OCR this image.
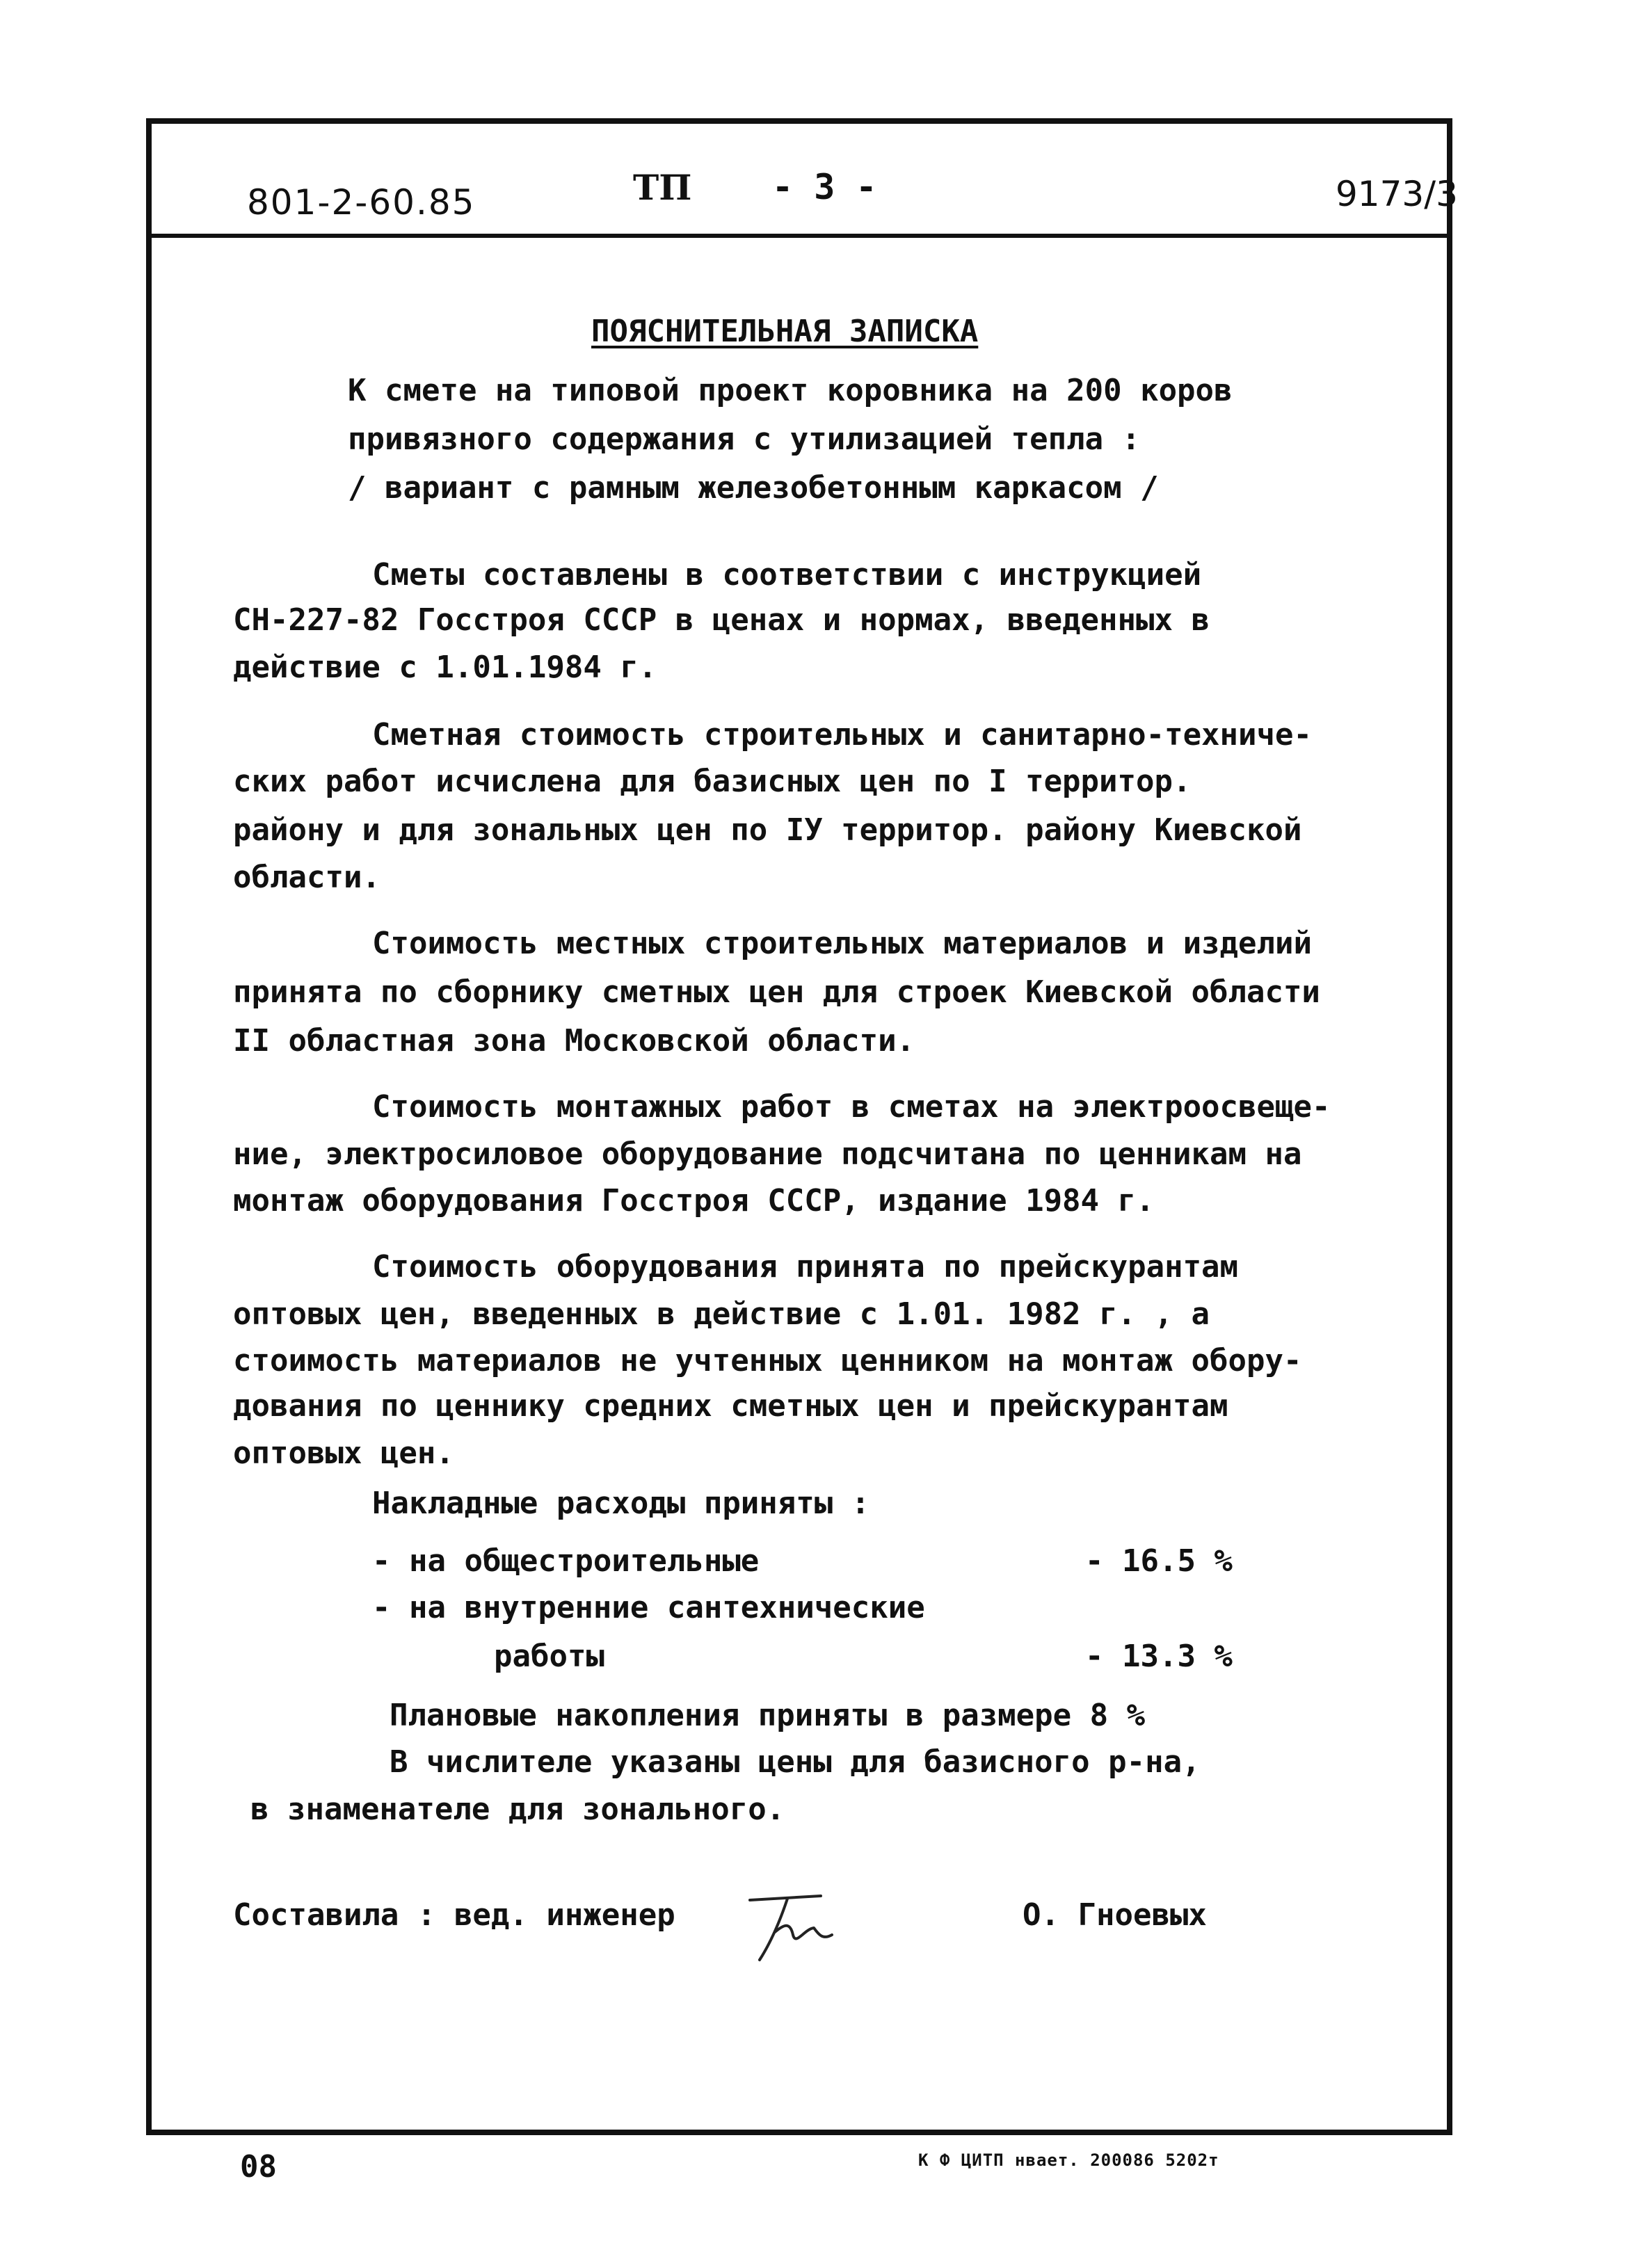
801-2-60.85	ТП - 3 -	9173/3
ПОЯСНИТЕЛЬНАЯ ЗАПИСКА
К смете на типовой проект коровника на 200 коров
привязного содержания с утилизацией тепла :
/ вариант с рамным железобетонным каркасом /
Сметы составлены в соответствии с инструкцией
СН-227-82 Госстроя СССР в ценах и нормах, введенных в
действие с 1.01.1984 г.
Сметная стоимость строительных и санитарно-техниче-
ских работ исчислена для базисных цен по I территор.
району и для зональных цен по IУ территор. району Киевской
области.
Стоимость местных строительных материалов и изделий
принята по сборнику сметных цен для строек Киевской области
II областная зона Московской области.
Стоимость монтажных работ в сметах на электроосвеще-
ние, электросиловое оборудование подсчитана по ценникам на
монтаж оборудования Госстроя СССР, издание 1984 г.
Стоимость оборудования принята по прейскурантам
оптовых цен, введенных в действие с 1.01. 1982 г. , а
стоимость материалов не учтенных ценником на монтаж обору-
дования по ценнику средних сметных цен и прейскурантам
оптовых цен.
Накладные расходы приняты :
- на общестроительные	- 16.5 %
- на внутренние сантехнические
работы	- 13.3 %
Плановые накопления приняты в размере 8 %
В числителе указаны цены для базисного р-на,
в знаменателе для зонального.
Составила : вед. инженер	О. Гноевых
08	К Ф ЦИТП нвает. 200086 5202т
